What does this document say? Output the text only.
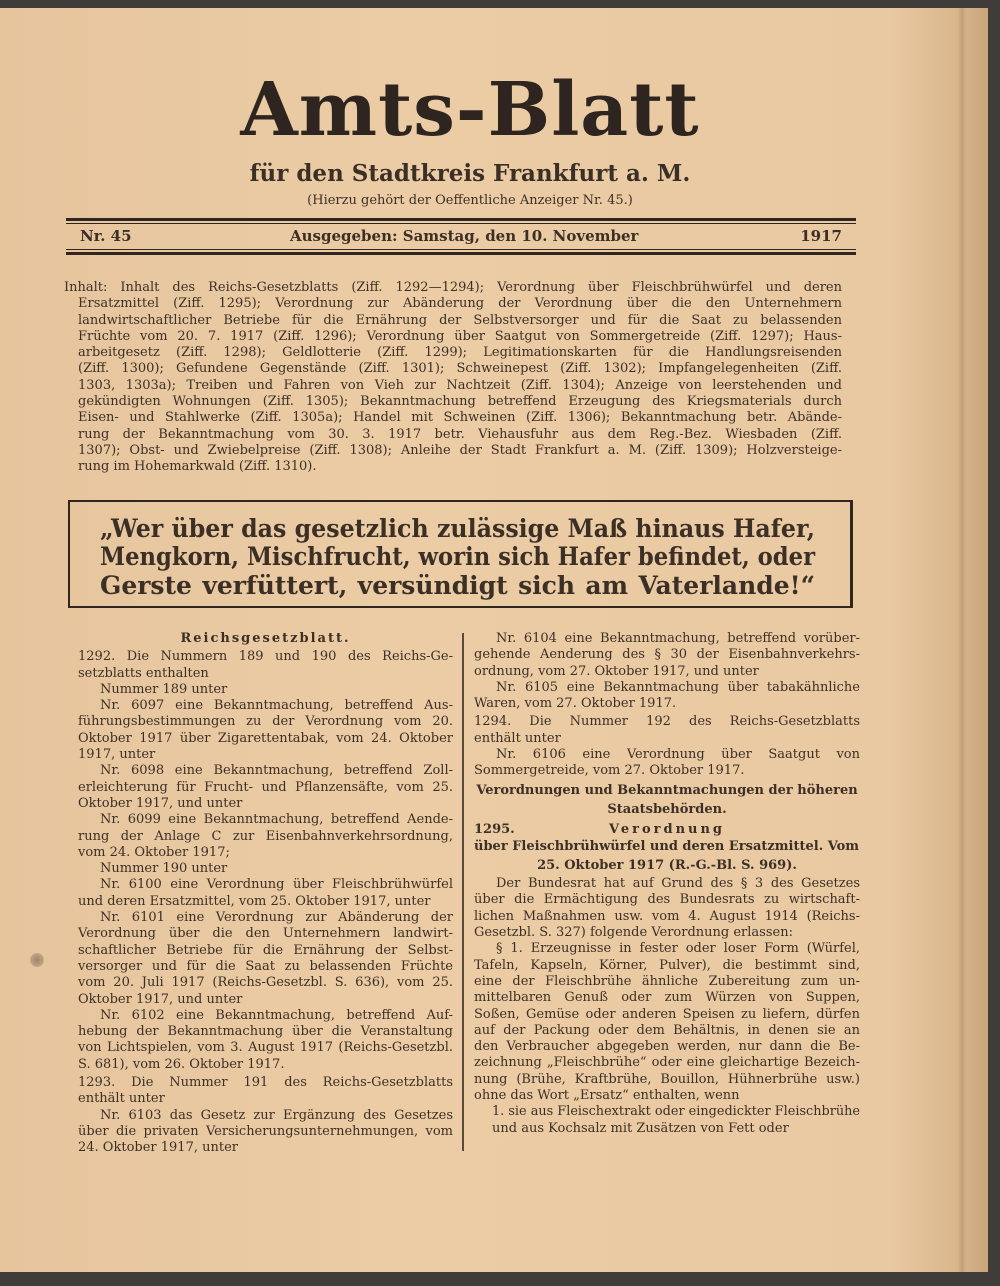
Amts-Blatt
für den Stadtkreis Frankfurt a. M.
(Hierzu gehört der Oeffentliche Anzeiger Nr. 45.)
Nr. 45	Ausgegeben: Samstag, den 10. November	1917
Inhalt: Inhalt des Reichs-Gesetzblatts (Ziff. 1292—1294); Verordnung über Fleischbrühwürfel und deren
Ersatzmittel (Ziff. 1295); Verordnung zur Abänderung der Verordnung über die den Unternehmern
landwirtschaftlicher Betriebe für die Ernährung der Selbstversorger und für die Saat zu belassenden
Früchte vom 20. 7. 1917 (Ziff. 1296); Verordnung über Saatgut von Sommergetreide (Ziff. 1297); Haus-
arbeitgesetz (Ziff. 1298); Geldlotterie (Ziff. 1299); Legitimationskarten für die Handlungsreisenden
(Ziff. 1300); Gefundene Gegenstände (Ziff. 1301); Schweinepest (Ziff. 1302); Impfangelegenheiten (Ziff.
1303, 1303a); Treiben und Fahren von Vieh zur Nachtzeit (Ziff. 1304); Anzeige von leerstehenden und
gekündigten Wohnungen (Ziff. 1305); Bekanntmachung betreffend Erzeugung des Kriegsmaterials durch
Eisen- und Stahlwerke (Ziff. 1305a); Handel mit Schweinen (Ziff. 1306); Bekanntmachung betr. Abände-
rung der Bekanntmachung vom 30. 3. 1917 betr. Viehausfuhr aus dem Reg.-Bez. Wiesbaden (Ziff.
1307); Obst- und Zwiebelpreise (Ziff. 1308); Anleihe der Stadt Frankfurt a. M. (Ziff. 1309); Holzversteige-
rung im Hohemarkwald (Ziff. 1310).
„Wer über das gesetzlich zulässige Maß hinaus Hafer,
Mengkorn, Mischfrucht, worin sich Hafer befindet, oder
Gerste verfüttert, versündigt sich am Vaterlande!“
Reichsgesetzblatt.
1292. Die Nummern 189 und 190 des Reichs-Ge-
setzblatts enthalten
Nummer 189 unter
Nr. 6097 eine Bekanntmachung, betreffend Aus-
führungsbestimmungen zu der Verordnung vom 20.
Oktober 1917 über Zigarettentabak, vom 24. Oktober
1917, unter
Nr. 6098 eine Bekanntmachung, betreffend Zoll-
erleichterung für Frucht- und Pflanzensäfte, vom 25.
Oktober 1917, und unter
Nr. 6099 eine Bekanntmachung, betreffend Aende-
rung der Anlage C zur Eisenbahnverkehrsordnung,
vom 24. Oktober 1917;
Nummer 190 unter
Nr. 6100 eine Verordnung über Fleischbrühwürfel
und deren Ersatzmittel, vom 25. Oktober 1917, unter
Nr. 6101 eine Verordnung zur Abänderung der
Verordnung über die den Unternehmern landwirt-
schaftlicher Betriebe für die Ernährung der Selbst-
versorger und für die Saat zu belassenden Früchte
vom 20. Juli 1917 (Reichs-Gesetzbl. S. 636), vom 25.
Oktober 1917, und unter
Nr. 6102 eine Bekanntmachung, betreffend Auf-
hebung der Bekanntmachung über die Veranstaltung
von Lichtspielen, vom 3. August 1917 (Reichs-Gesetzbl.
S. 681), vom 26. Oktober 1917.
1293. Die Nummer 191 des Reichs-Gesetzblatts
enthält unter
Nr. 6103 das Gesetz zur Ergänzung des Gesetzes
über die privaten Versicherungsunternehmungen, vom
24. Oktober 1917, unter
Nr. 6104 eine Bekanntmachung, betreffend vorüber-
gehende Aenderung des § 30 der Eisenbahnverkehrs-
ordnung, vom 27. Oktober 1917, und unter
Nr. 6105 eine Bekanntmachung über tabakähnliche
Waren, vom 27. Oktober 1917.
1294. Die Nummer 192 des Reichs-Gesetzblatts
enthält unter
Nr. 6106 eine Verordnung über Saatgut von
Sommergetreide, vom 27. Oktober 1917.
Verordnungen und Bekanntmachungen der höheren
Staatsbehörden.
1295.	Verordnung
über Fleischbrühwürfel und deren Ersatzmittel. Vom
25. Oktober 1917 (R.-G.-Bl. S. 969).
Der Bundesrat hat auf Grund des § 3 des Gesetzes
über die Ermächtigung des Bundesrats zu wirtschaft-
lichen Maßnahmen usw. vom 4. August 1914 (Reichs-
Gesetzbl. S. 327) folgende Verordnung erlassen:
§ 1. Erzeugnisse in fester oder loser Form (Würfel,
Tafeln, Kapseln, Körner, Pulver), die bestimmt sind,
eine der Fleischbrühe ähnliche Zubereitung zum un-
mittelbaren Genuß oder zum Würzen von Suppen,
Soßen, Gemüse oder anderen Speisen zu liefern, dürfen
auf der Packung oder dem Behältnis, in denen sie an
den Verbraucher abgegeben werden, nur dann die Be-
zeichnung „Fleischbrühe“ oder eine gleichartige Bezeich-
nung (Brühe, Kraftbrühe, Bouillon, Hühnerbrühe usw.)
ohne das Wort „Ersatz“ enthalten, wenn
1. sie aus Fleischextrakt oder eingedickter Fleischbrühe
und aus Kochsalz mit Zusätzen von Fett oder
